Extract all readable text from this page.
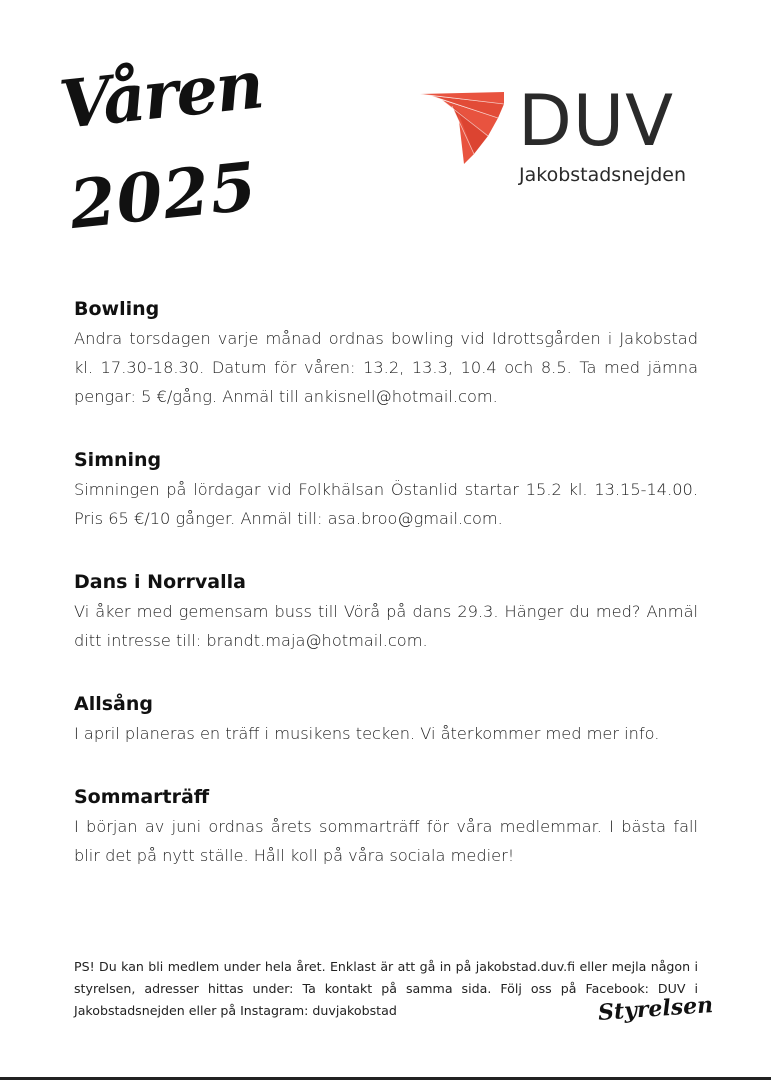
Våren
2025
DUV
Jakobstadsnejden
Bowling

Andra torsdagen varje månad ordnas bowling vid Idrottsgården i Jakobstad kl. 17.30-18.30. Datum för våren: 13.2, 13.3, 10.4 och 8.5. Ta med jämna pengar: 5 €/gång. Anmäl till ankisnell@hotmail.com.

Simning

Simningen på lördagar vid Folkhälsan Östanlid startar 15.2 kl. 13.15-14.00. Pris 65 €/10 gånger. Anmäl till: asa.broo@gmail.com.

Dans i Norrvalla

Vi åker med gemensam buss till Vörå på dans 29.3. Hänger du med? Anmäl ditt intresse till: brandt.maja@hotmail.com.

Allsång

I april planeras en träff i musikens tecken. Vi återkommer med mer info.

Sommarträff

I början av juni ordnas årets sommarträff för våra medlemmar. I bästa fall blir det på nytt ställe. Håll koll på våra sociala medier!

PS! Du kan bli medlem under hela året. Enklast är att gå in på jakobstad.duv.fi eller mejla någon i styrelsen, adresser hittas under: Ta kontakt på samma sida. Följ oss på Facebook: DUV i Jakobstadsnejden eller på Instagram: duvjakobstad	Styrelsen
